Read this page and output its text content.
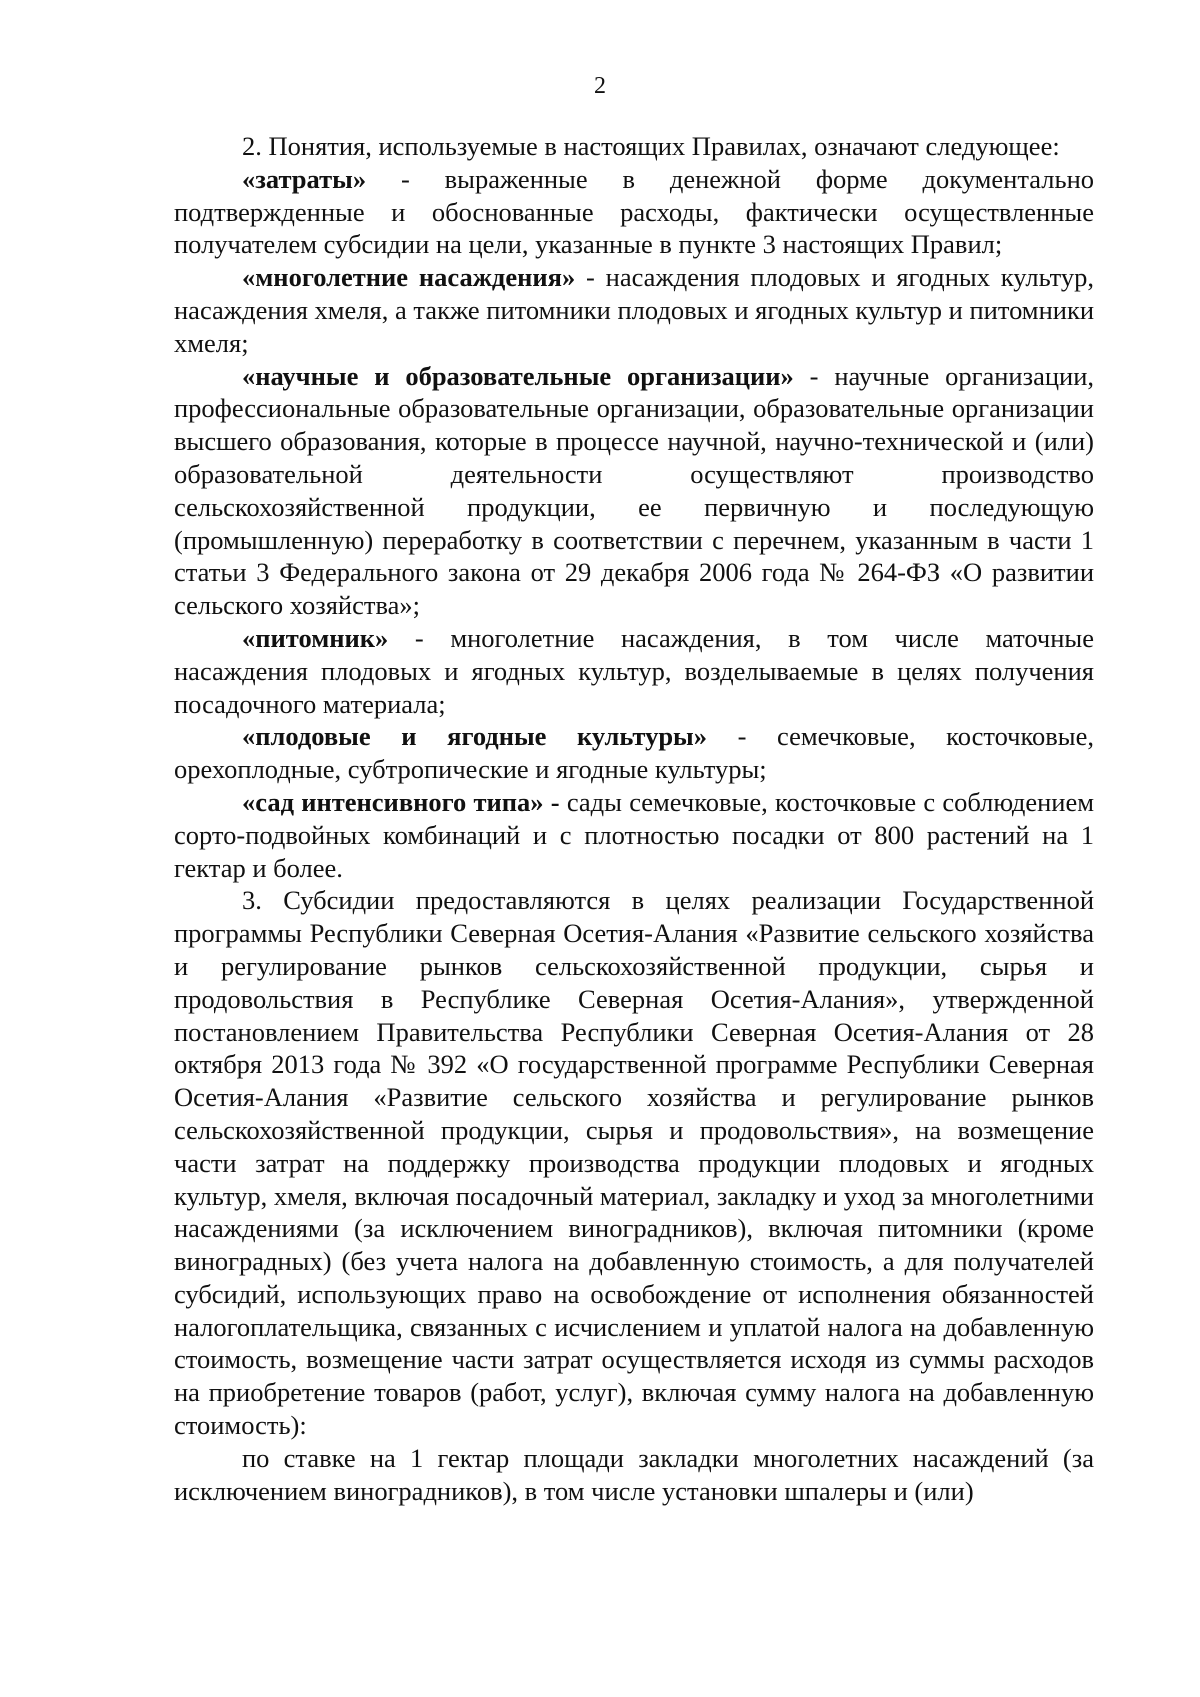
2

2. Понятия, используемые в настоящих Правилах, означают следующее:

«затраты» - выраженные в денежной форме документально подтвержденные и обоснованные расходы, фактически осуществленные получателем субсидии на цели, указанные в пункте 3 настоящих Правил;

«многолетние насаждения» - насаждения плодовых и ягодных культур, насаждения хмеля, а также питомники плодовых и ягодных культур и питомники хмеля;

«научные и образовательные организации» - научные организации, профессиональные образовательные организации, образовательные организации высшего образования, которые в процессе научной, научно-технической и (или) образовательной деятельности осуществляют производство сельскохозяйственной продукции, ее первичную и последующую (промышленную) переработку в соответствии с перечнем, указанным в части 1 статьи 3 Федерального закона от 29 декабря 2006 года № 264-ФЗ «О развитии сельского хозяйства»;

«питомник» - многолетние насаждения, в том числе маточные насаждения плодовых и ягодных культур, возделываемые в целях получения посадочного материала;

«плодовые и ягодные культуры» - семечковые, косточковые, орехоплодные, субтропические и ягодные культуры;

«сад интенсивного типа» - сады семечковые, косточковые с соблюдением сорто-подвойных комбинаций и с плотностью посадки от 800 растений на 1 гектар и более.

3. Субсидии предоставляются в целях реализации Государственной программы Республики Северная Осетия-Алания «Развитие сельского хозяйства и регулирование рынков сельскохозяйственной продукции, сырья и продовольствия в Республике Северная Осетия-Алания», утвержденной постановлением Правительства Республики Северная Осетия-Алания от 28 октября 2013 года № 392 «О государственной программе Республики Северная Осетия-Алания «Развитие сельского хозяйства и регулирование рынков сельскохозяйственной продукции, сырья и продовольствия», на возмещение части затрат на поддержку производства продукции плодовых и ягодных культур, хмеля, включая посадочный материал, закладку и уход за многолетними насаждениями (за исключением виноградников), включая питомники (кроме виноградных) (без учета налога на добавленную стоимость, а для получателей субсидий, использующих право на освобождение от исполнения обязанностей налогоплательщика, связанных с исчислением и уплатой налога на добавленную стоимость, возмещение части затрат осуществляется исходя из суммы расходов на приобретение товаров (работ, услуг), включая сумму налога на добавленную стоимость):

по ставке на 1 гектар площади закладки многолетних насаждений (за исключением виноградников), в том числе установки шпалеры и (или)
